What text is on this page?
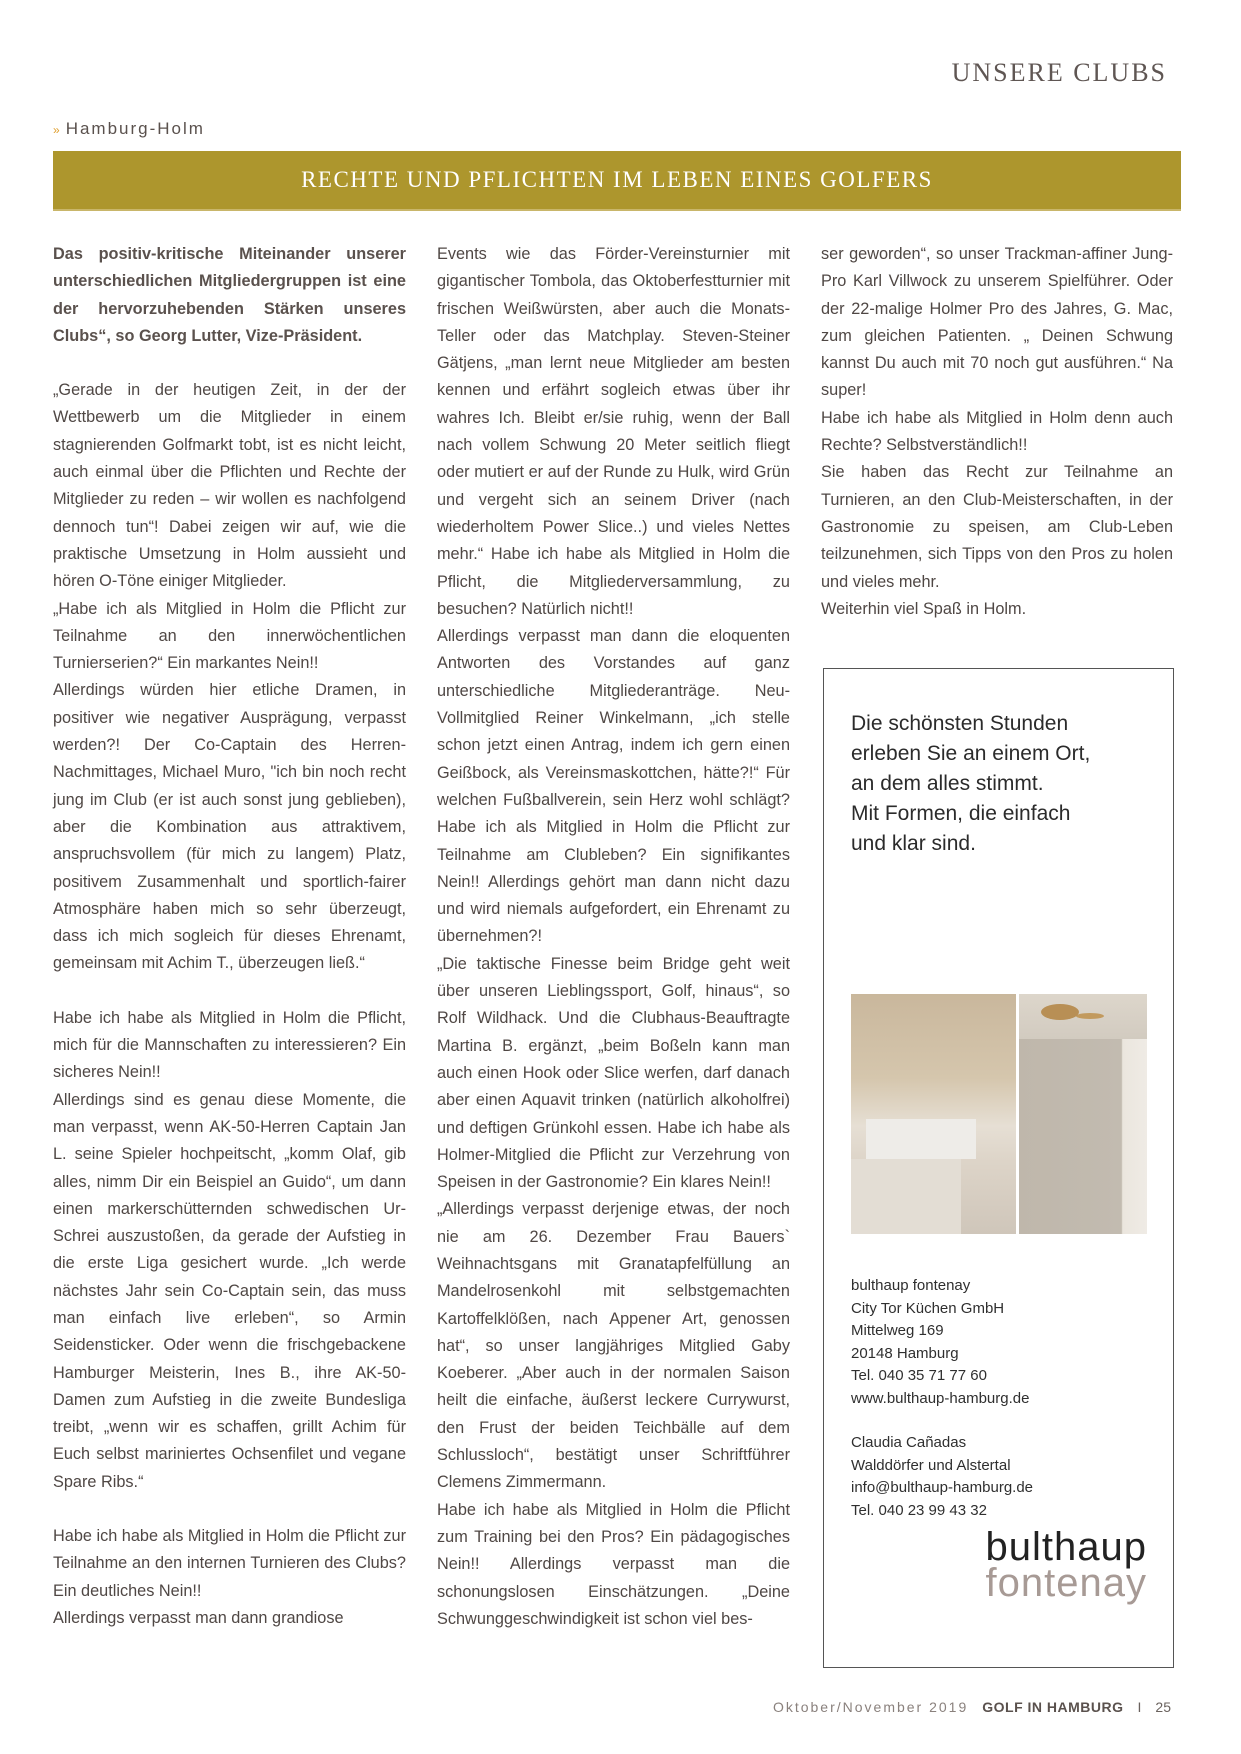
UNSERE CLUBS
» Hamburg-Holm
RECHTE UND PFLICHTEN IM LEBEN EINES GOLFERS

Das positiv-kritische Miteinander unserer unterschiedlichen Mitgliedergruppen ist eine der hervorzuhebenden Stärken unseres Clubs“, so Georg Lutter, Vize-Präsident.

„Gerade in der heutigen Zeit, in der der Wettbewerb um die Mitglieder in einem stagnierenden Golfmarkt tobt, ist es nicht leicht, auch einmal über die Pflichten und Rechte der Mitglieder zu reden – wir wollen es nachfolgend dennoch tun“! Dabei zeigen wir auf, wie die praktische Umsetzung in Holm aussieht und hören O-Töne einiger Mitglieder.

„Habe ich als Mitglied in Holm die Pflicht zur Teilnahme an den innerwöchentlichen Turnierserien?“ Ein markantes Nein!!

Allerdings würden hier etliche Dramen, in positiver wie negativer Ausprägung, verpasst werden?! Der Co-Captain des Herren-Nachmittages, Michael Muro, "ich bin noch recht jung im Club (er ist auch sonst jung geblieben), aber die Kombination aus attraktivem, anspruchsvollem (für mich zu langem) Platz, positivem Zusammenhalt und sportlich-fairer Atmosphäre haben mich so sehr überzeugt, dass ich mich sogleich für dieses Ehrenamt, gemeinsam mit Achim T., überzeugen ließ.“

Habe ich habe als Mitglied in Holm die Pflicht, mich für die Mannschaften zu interessieren? Ein sicheres Nein!!

Allerdings sind es genau diese Momente, die man verpasst, wenn AK-50-Herren Captain Jan L. seine Spieler hochpeitscht, „komm Olaf, gib alles, nimm Dir ein Beispiel an Guido“, um dann einen markerschütternden schwedischen Ur-Schrei auszustoßen, da gerade der Aufstieg in die erste Liga gesichert wurde. „Ich werde nächstes Jahr sein Co-Captain sein, das muss man einfach live erleben“, so Armin Seidensticker. Oder wenn die frischgebackene Hamburger Meisterin, Ines B., ihre AK-50-Damen zum Aufstieg in die zweite Bundesliga treibt, „wenn wir es schaffen, grillt Achim für Euch selbst mariniertes Ochsenfilet und vegane Spare Ribs.“

Habe ich habe als Mitglied in Holm die Pflicht zur Teilnahme an den internen Turnieren des Clubs? Ein deutliches Nein!!

Allerdings verpasst man dann grandiose

Events wie das Förder-Vereinsturnier mit gigantischer Tombola, das Oktoberfestturnier mit frischen Weißwürsten, aber auch die Monats-Teller oder das Matchplay. Steven-Steiner Gätjens, „man lernt neue Mitglieder am besten kennen und erfährt sogleich etwas über ihr wahres Ich. Bleibt er/sie ruhig, wenn der Ball nach vollem Schwung 20 Meter seitlich fliegt oder mutiert er auf der Runde zu Hulk, wird Grün und vergeht sich an seinem Driver (nach wiederholtem Power Slice..) und vieles Nettes mehr.“ Habe ich habe als Mitglied in Holm die Pflicht, die Mitgliederversammlung, zu besuchen? Natürlich nicht!!

Allerdings verpasst man dann die eloquenten Antworten des Vorstandes auf ganz unterschiedliche Mitgliederanträge. Neu-Vollmitglied Reiner Winkelmann, „ich stelle schon jetzt einen Antrag, indem ich gern einen Geißbock, als Vereinsmaskottchen, hätte?!“ Für welchen Fußballverein, sein Herz wohl schlägt? Habe ich als Mitglied in Holm die Pflicht zur Teilnahme am Clubleben? Ein signifikantes Nein!! Allerdings gehört man dann nicht dazu und wird niemals aufgefordert, ein Ehrenamt zu übernehmen?!

„Die taktische Finesse beim Bridge geht weit über unseren Lieblingssport, Golf, hinaus“, so Rolf Wildhack. Und die Clubhaus-Beauftragte Martina B. ergänzt, „beim Boßeln kann man auch einen Hook oder Slice werfen, darf danach aber einen Aquavit trinken (natürlich alkoholfrei) und deftigen Grünkohl essen. Habe ich habe als Holmer-Mitglied die Pflicht zur Verzehrung von Speisen in der Gastronomie? Ein klares Nein!!

„Allerdings verpasst derjenige etwas, der noch nie am 26. Dezember Frau Bauers` Weihnachtsgans mit Granatapfelfüllung an Mandelrosenkohl mit selbstgemachten Kartoffelklößen, nach Appener Art, genossen hat“, so unser langjähriges Mitglied Gaby Koeberer. „Aber auch in der normalen Saison heilt die einfache, äußerst leckere Currywurst, den Frust der beiden Teichbälle auf dem Schlussloch“, bestätigt unser Schriftführer Clemens Zimmermann.

Habe ich habe als Mitglied in Holm die Pflicht zum Training bei den Pros? Ein pädagogisches Nein!! Allerdings verpasst man die schonungslosen Einschätzungen. „Deine Schwunggeschwindigkeit ist schon viel bes-

ser geworden“, so unser Trackman-affiner Jung-Pro Karl Villwock zu unserem Spielführer. Oder der 22-malige Holmer Pro des Jahres, G. Mac, zum gleichen Patienten. „ Deinen Schwung kannst Du auch mit 70 noch gut ausführen.“ Na super!

Habe ich habe als Mitglied in Holm denn auch Rechte? Selbstverständlich!!

Sie haben das Recht zur Teilnahme an Turnieren, an den Club-Meisterschaften, in der Gastronomie zu speisen, am Club-Leben teilzunehmen, sich Tipps von den Pros zu holen und vieles mehr.

Weiterhin viel Spaß in Holm.

Die schönsten Stunden
erleben Sie an einem Ort,
an dem alles stimmt.
Mit Formen, die einfach
und klar sind.
bulthaup fontenay
City Tor Küchen GmbH
Mittelweg 169
20148 Hamburg
Tel. 040 35 71 77 60
www.bulthaup-hamburg.de
Claudia Cañadas
Walddörfer und Alstertal
info@bulthaup-hamburg.de
Tel. 040 23 99 43 32
bulthaup
fontenay
Oktober/November 2019 GOLF IN HAMBURG I 25
